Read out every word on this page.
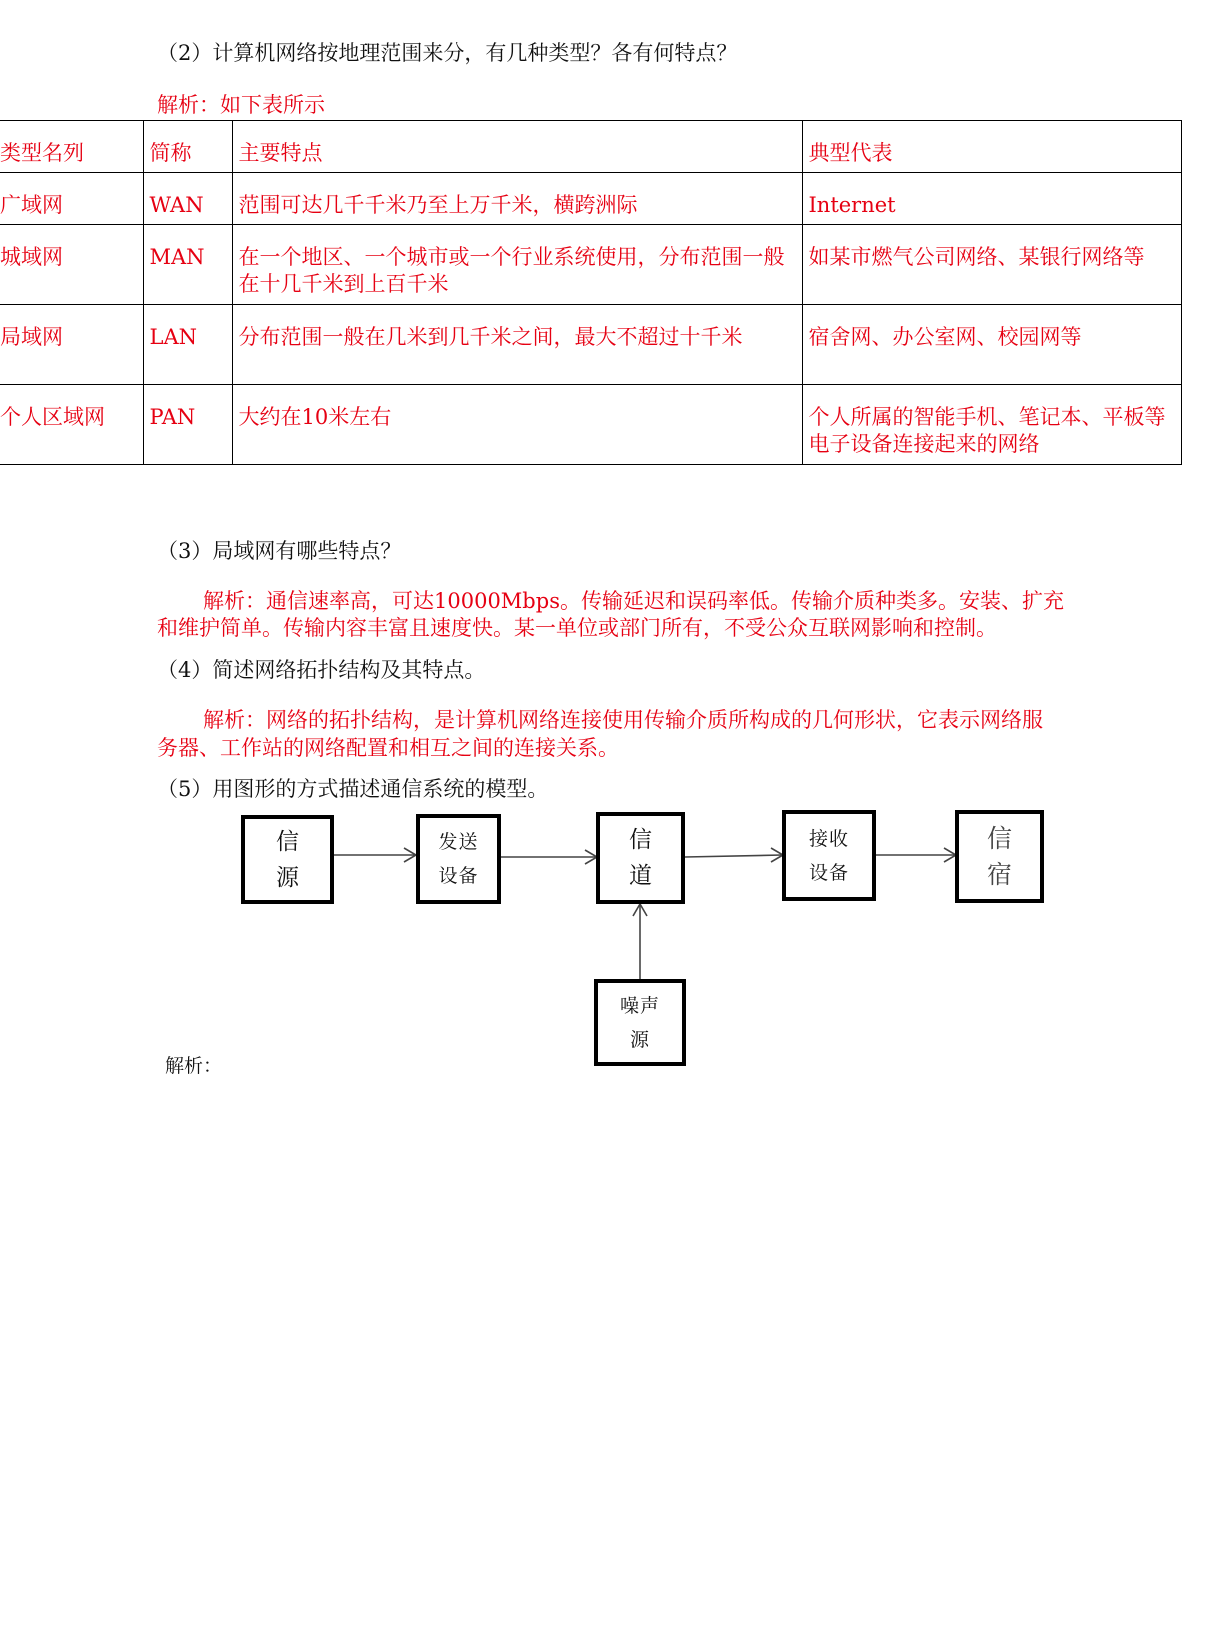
（2）计算机网络按地理范围来分，有几种类型？各有何特点？
解析：如下表所示
类型名列	简称	主要特点	典型代表
广域网	WAN	范围可达几千千米乃至上万千米，横跨洲际	Internet
城域网	MAN	在一个地区、一个城市或一个行业系统使用，分布范围一般在十几千米到上百千米	如某市燃气公司网络、某银行网络等
局域网	LAN	分布范围一般在几米到几千米之间，最大不超过十千米	宿舍网、办公室网、校园网等
个人区域网	PAN	大约在10米左右	个人所属的智能手机、笔记本、平板等电子设备连接起来的网络
（3）局域网有哪些特点？
解析：通信速率高，可达10000Mbps。传输延迟和误码率低。传输介质种类多。安装、扩充
和维护简单。传输内容丰富且速度快。某一单位或部门所有，不受公众互联网影响和控制。
（4）简述网络拓扑结构及其特点。
解析：网络的拓扑结构，是计算机网络连接使用传输介质所构成的几何形状，它表示网络服
务器、工作站的网络配置和相互之间的连接关系。
（5）用图形的方式描述通信系统的模型。
解析：
信
源
发送
设备
信
道
接收
设备
信
宿
噪声
源
